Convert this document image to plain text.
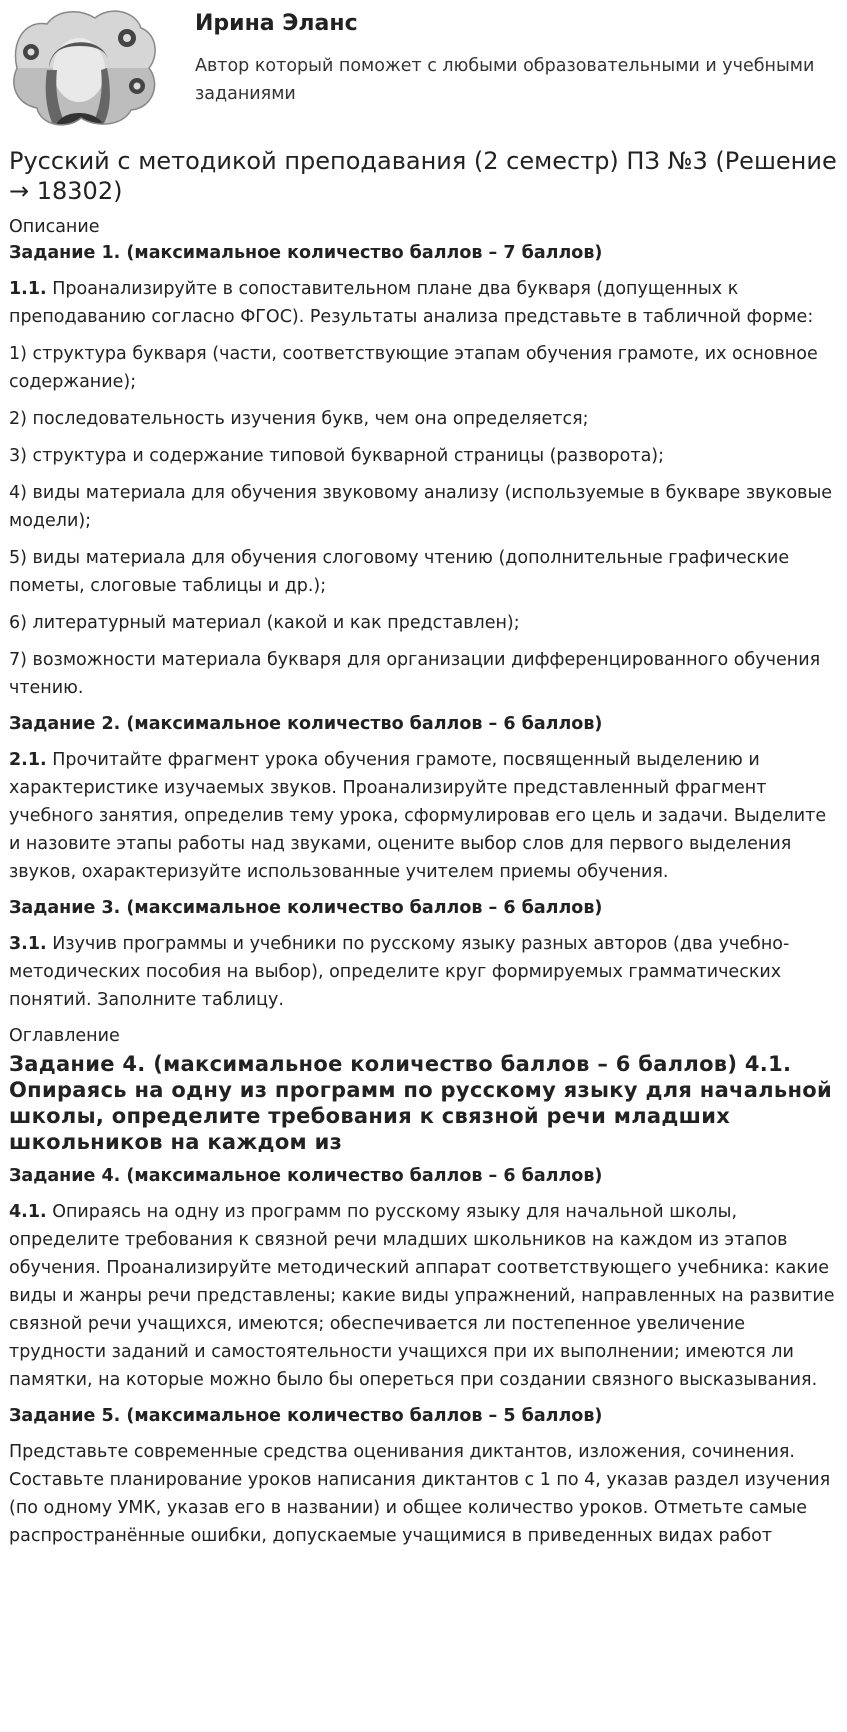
Ирина Эланс
Автор который поможет с любыми образовательными и учебными заданиями
Русский с методикой преподавания (2 семестр) ПЗ №3 (Решение → 18302)
Описание
Задание 1. (максимальное количество баллов – 7 баллов)

1.1. Проанализируйте в сопоставительном плане два букваря (допущенных к преподаванию согласно ФГОС). Результаты анализа представьте в табличной форме:

1) структура букваря (части, соответствующие этапам обучения грамоте, их основное содержание);

2) последовательность изучения букв, чем она определяется;

3) структура и содержание типовой букварной страницы (разворота);

4) виды материала для обучения звуковому анализу (используемые в букваре звуковые модели);

5) виды материала для обучения слоговому чтению (дополнительные графические пометы, слоговые таблицы и др.);

6) литературный материал (какой и как представлен);

7) возможности материала букваря для организации дифференцированного обучения чтению.

Задание 2. (максимальное количество баллов – 6 баллов)

2.1. Прочитайте фрагмент урока обучения грамоте, посвященный выделению и характеристике изучаемых звуков. Проанализируйте представленный фрагмент учебного занятия, определив тему урока, сформулировав его цель и задачи. Выделите и назовите этапы работы над звуками, оцените выбор слов для первого выделения звуков, охарактеризуйте использованные учителем приемы обучения.

Задание 3. (максимальное количество баллов – 6 баллов)

3.1. Изучив программы и учебники по русскому языку разных авторов (два учебно-методических пособия на выбор), определите круг формируемых грамматических понятий. Заполните таблицу.

Оглавление
Задание 4. (максимальное количество баллов – 6 баллов) 4.1. Опираясь на одну из программ по русскому языку для начальной школы, определите требования к связной речи младших школьников на каждом из
Задание 4. (максимальное количество баллов – 6 баллов)

4.1. Опираясь на одну из программ по русскому языку для начальной школы, определите требования к связной речи младших школьников на каждом из этапов обучения. Проанализируйте методический аппарат соответствующего учебника: какие виды и жанры речи представлены; какие виды упражнений, направленных на развитие связной речи учащихся, имеются; обеспечивается ли постепенное увеличение трудности заданий и самостоятельности учащихся при их выполнении; имеются ли памятки, на которые можно было бы опереться при создании связного высказывания.

Задание 5. (максимальное количество баллов – 5 баллов)

Представьте современные средства оценивания диктантов, изложения, сочинения. Составьте планирование уроков написания диктантов с 1 по 4, указав раздел изучения (по одному УМК, указав его в названии) и общее количество уроков. Отметьте самые распространённые ошибки, допускаемые учащимися в приведенных видах работ
